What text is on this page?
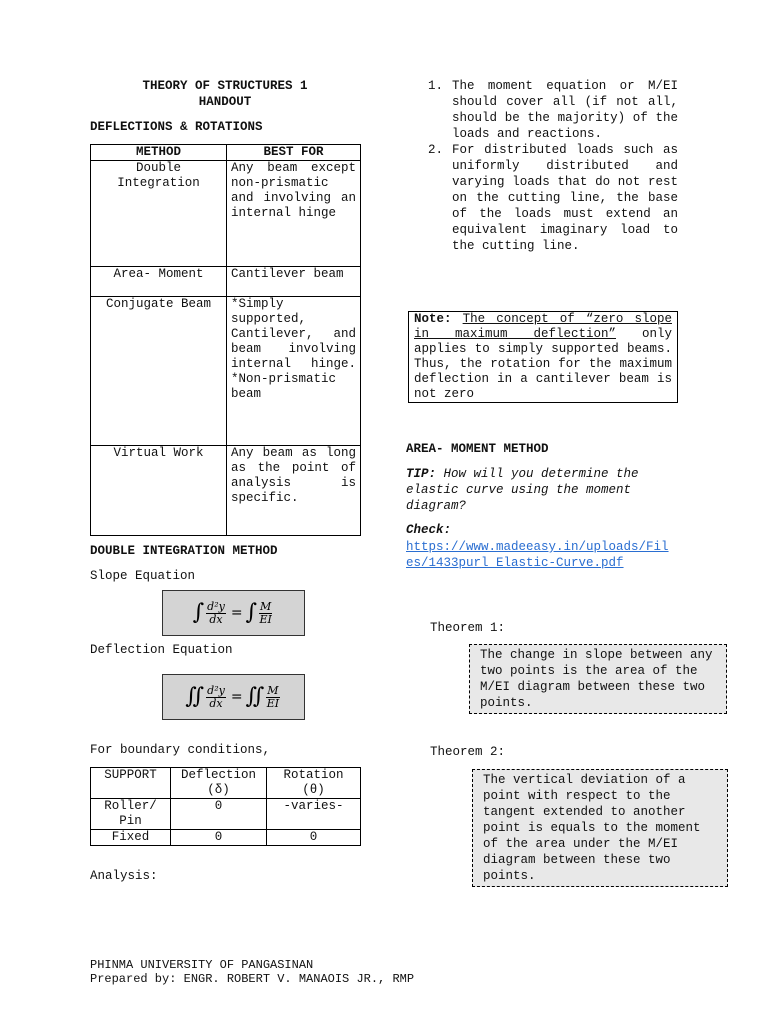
THEORY OF STRUCTURES 1
HANDOUT
DEFLECTIONS & ROTATIONS
METHOD	BEST FOR
Double Integration	Any beam except non-prismatic and involving an internal hinge
Area- Moment	Cantilever beam
Conjugate Beam	*Simply supported, Cantilever, and beam involving internal hinge. *Non-prismatic beam
Virtual Work	Any beam as long as the point of analysis is specific.
DOUBLE INTEGRATION METHOD
Slope Equation
∫ $\frac{\text{d²y}}{dx}$ = ∫ $\frac{M}{EI}$
Deflection Equation
∬ $\frac{\text{d²y}}{dx}$ = ∬ $\frac{M}{EI}$
For boundary conditions,
SUPPORT	Deflection (δ)	Rotation (θ)
Roller/ Pin	0	-varies-
Fixed	0	0
Analysis:
1. The moment equation or M/EI should cover all (if not all, should be the majority) of the loads and reactions.
2. For distributed loads such as uniformly distributed and varying loads that do not rest on the cutting line, the base of the loads must extend an equivalent imaginary load to the cutting line.
Note: The concept of “zero slope in maximum deflection” only applies to simply supported beams. Thus, the rotation for the maximum deflection in a cantilever beam is not zero
AREA- MOMENT METHOD
TIP: How will you determine the elastic curve using the moment diagram?
Check:
https://www.madeeasy.in/uploads/Files/1433purl_Elastic-Curve.pdf
Theorem 1:
The change in slope between any two points is the area of the M/EI diagram between these two points.
Theorem 2:
The vertical deviation of a point with respect to the tangent extended to another point is equals to the moment of the area under the M/EI diagram between these two points.
PHINMA UNIVERSITY OF PANGASINAN
Prepared by: ENGR. ROBERT V. MANAOIS JR., RMP
